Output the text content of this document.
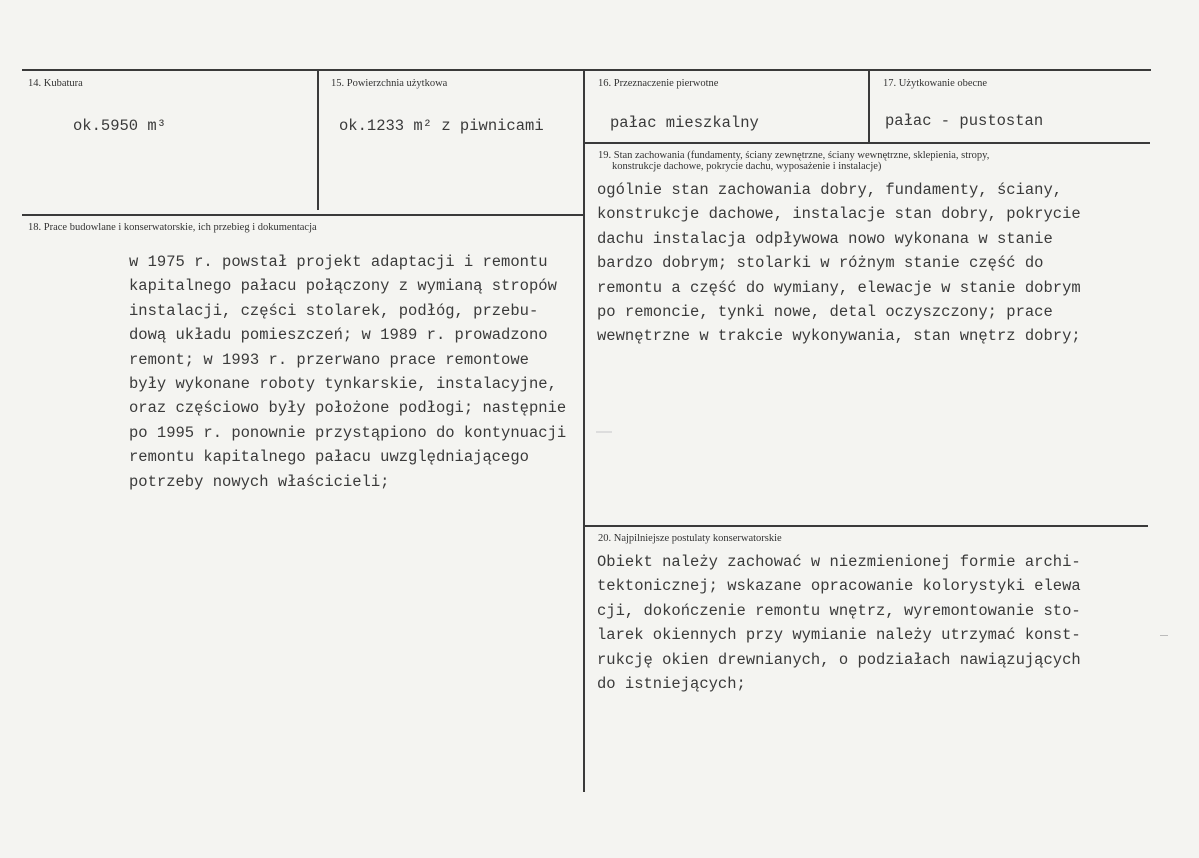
14. Kubatura
ok.5950 m³
15. Powierzchnia użytkowa
ok.1233 m² z piwnicami
16. Przeznaczenie pierwotne
pałac mieszkalny
17. Użytkowanie obecne
pałac - pustostan
18. Prace budowlane i konserwatorskie, ich przebieg i dokumentacja
w 1975 r. powstał projekt adaptacji i remontu
kapitalnego pałacu połączony z wymianą stropów
instalacji, części stolarek, podłóg, przebu-
dową układu pomieszczeń; w 1989 r. prowadzono
remont; w 1993 r. przerwano prace remontowe
były wykonane roboty tynkarskie, instalacyjne,
oraz częściowo były położone podłogi; następnie
po 1995 r. ponownie przystąpiono do kontynuacji
remontu kapitalnego pałacu uwzględniającego
potrzeby nowych właścicieli;
19. Stan zachowania (fundamenty, ściany zewnętrzne, ściany wewnętrzne, sklepienia, stropy,
konstrukcje dachowe, pokrycie dachu, wyposażenie i instalacje)
ogólnie stan zachowania dobry, fundamenty, ściany,
konstrukcje dachowe, instalacje stan dobry, pokrycie
dachu instalacja odpływowa nowo wykonana w stanie
bardzo dobrym; stolarki w różnym stanie część do
remontu a część do wymiany, elewacje w stanie dobrym
po remoncie, tynki nowe, detal oczyszczony; prace
wewnętrzne w trakcie wykonywania, stan wnętrz dobry;
20. Najpilniejsze postulaty konserwatorskie
Obiekt należy zachować w niezmienionej formie archi-
tektonicznej; wskazane opracowanie kolorystyki elewa
cji, dokończenie remontu wnętrz, wyremontowanie sto-
larek okiennych przy wymianie należy utrzymać konst-
rukcję okien drewnianych, o podziałach nawiązujących
do istniejących;
